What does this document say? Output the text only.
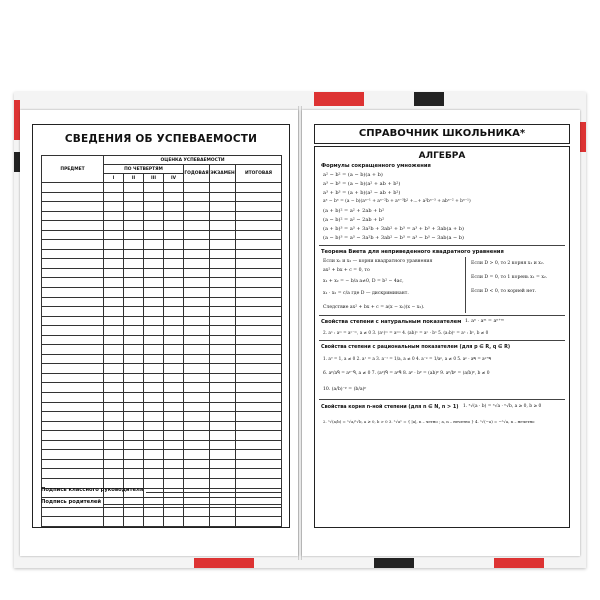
СВЕДЕНИЯ ОБ УСПЕВАЕМОСТИ
ПРЕДМЕТ	ОЦЕНКА УСПЕВАЕМОСТИ						
	ПО ЧЕТВЕРТЯМ				ГОДОВАЯ	ЭКЗАМЕН	ИТОГОВАЯ
	I	II	III	IV			

Подпись классного руководителя
Подпись родителей
СПРАВОЧНИК ШКОЛЬНИКА*
АЛГЕБРА
Формулы сокращенного умножения
a² − b² = (a − b)(a + b)
a³ − b³ = (a − b)(a² + ab + b²)
a³ + b³ = (a + b)(a² − ab + b²)
aⁿ − bⁿ = (a − b)(aⁿ⁻¹ + aⁿ⁻²b + aⁿ⁻³b² +...+ a²bⁿ⁻³ + abⁿ⁻² + bⁿ⁻¹)
(a + b)² = a² + 2ab + b²
(a − b)² = a² − 2ab + b²
(a + b)³ = a³ + 3a²b + 3ab² + b³ = a³ + b³ + 3ab(a + b)
(a − b)³ = a³ − 3a²b + 3ab² − b³ = a³ − b³ − 3ab(a − b)
Теорема Виета для неприведенного квадратного уравнения
Если x₁ и x₂ — корни квадратного уравнения
ax² + bx + c = 0, то
x₁ + x₂ = − b/a a≠0, D = b² − 4ac,
x₁ · x₂ = c/a где D — дискриминант.
Следствие ax² + bx + c = a(x − x₁)(x − x₂).
Если D > 0, то 2 корня x₁ и x₂.
Если D = 0, то 1 корень x₁ = x₂.
Если D < 0, то корней нет.
Свойства степени с натуральным показателем 1. aⁿ · aᵐ = aⁿ⁺ᵐ
2. aⁿ : aᵐ = aⁿ⁻ᵐ, a ≠ 0 3. (aⁿ)ᵐ = aⁿᵐ 4. (ab)ⁿ = aⁿ · bⁿ 5. (a:b)ⁿ = aⁿ : bⁿ, b ≠ 0
Свойства степени с рациональным показателем (для p ∈ R, q ∈ R)
1. a⁰ = 1, a ≠ 0 2. a¹ = a 3. a⁻¹ = 1/a, a ≠ 0 4. a⁻ᵖ = 1/aᵖ, a ≠ 0 5. aᵖ · aᑫ = aᵖ⁺ᑫ
6. aᵖ/aᑫ = aᵖ⁻ᑫ, a ≠ 0 7. (aᵖ)ᑫ = aᵖᑫ 8. aᵖ · bᵖ = (ab)ᵖ 9. aᵖ/bᵖ = (a/b)ᵖ, b ≠ 0
10. (a/b)⁻ᵖ = (b/a)ᵖ
Свойства корня n-ной степени (для n ∈ N, n > 1) 1. ⁿ√(a · b) = ⁿ√a · ⁿ√b, a ≥ 0, b ≥ 0
2. ⁿ√(a/b) = ⁿ√a/ⁿ√b, a ≥ 0, b > 0 3. ⁿ√aⁿ = { |a|, n – четно ; a, n – нечетно } 4. ⁿ√(−a) = −ⁿ√a, n – нечетно
